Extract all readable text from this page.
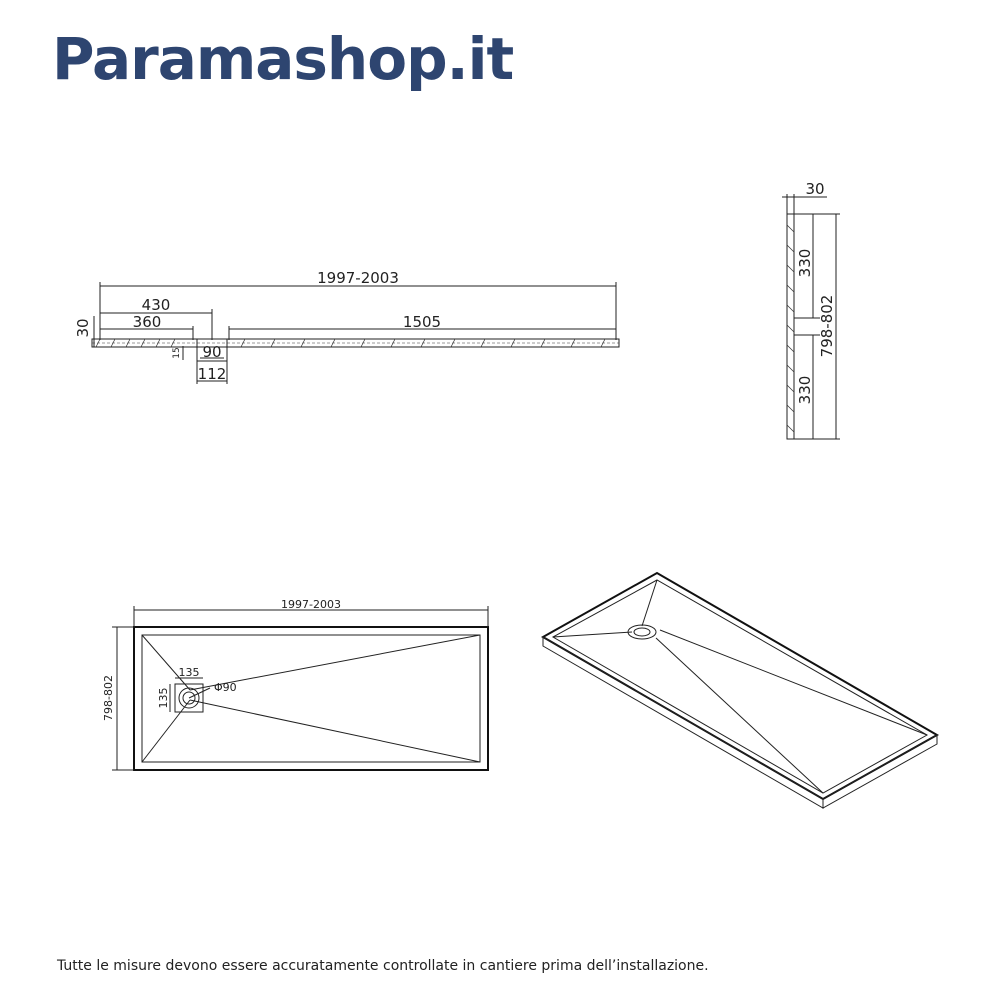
Paramashop.it
1997-2003
430
360	1505
30
15 90
112
30
330
330
798-802
1997-2003
798-802
135
135	Φ90
Tutte le misure devono essere accuratamente controllate in cantiere prima dell’installazione.
